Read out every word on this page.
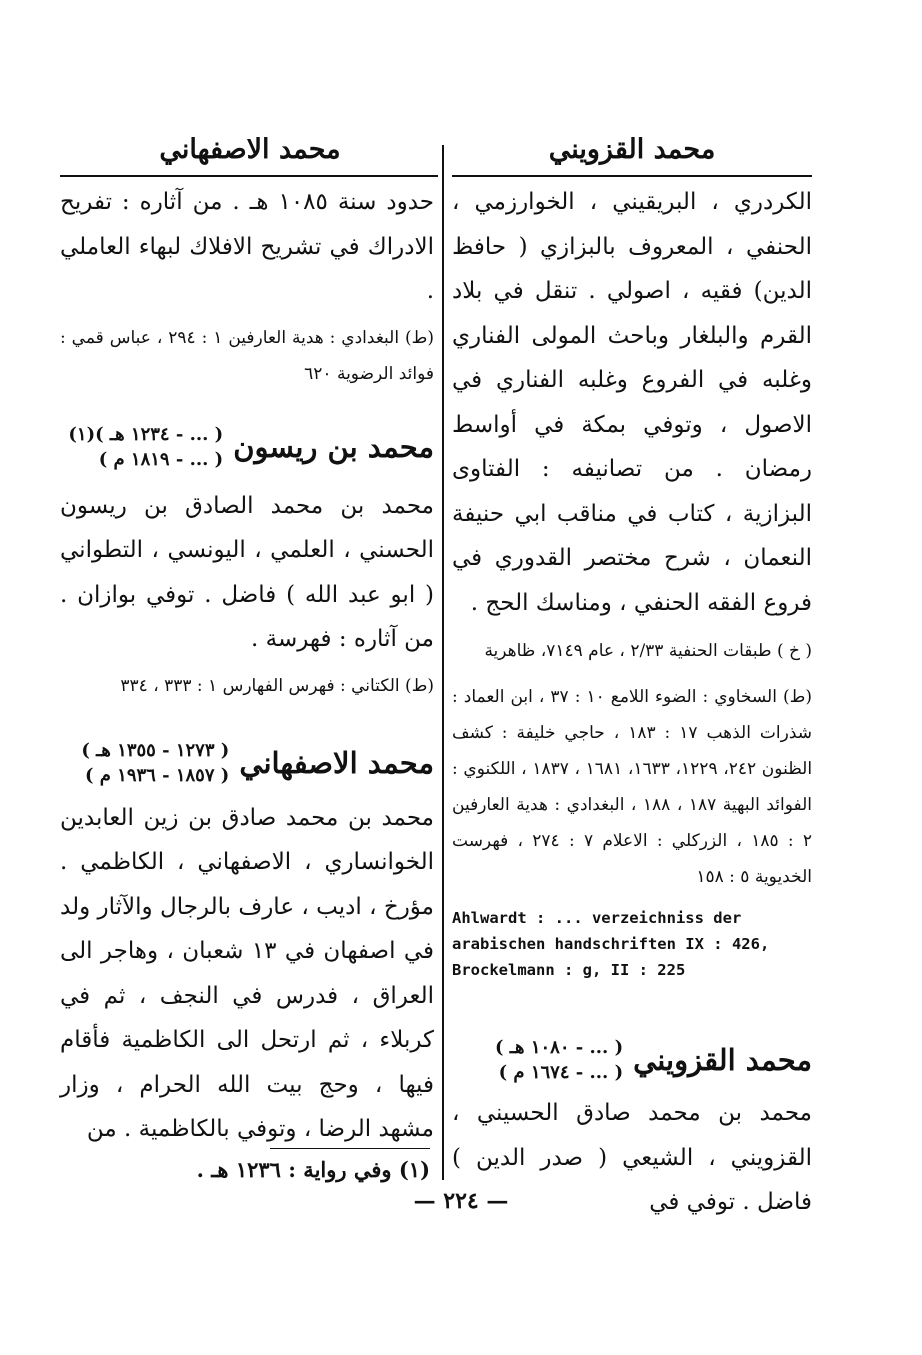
محمد الاصفهاني	محمد القزويني

الكردري ، البريقيني ، الخوارزمي ، الحنفي ، المعروف بالبزازي ( حافظ الدين) فقيه ، اصولي . تنقل في بلاد القرم والبلغار وباحث المولى الفناري وغلبه في الفروع وغلبه الفناري في الاصول ، وتوفي بمكة في أواسط رمضان . من تصانيفه : الفتاوى البزازية ، كتاب في مناقب ابي حنيفة النعمان ، شرح مختصر القدوري في فروع الفقه الحنفي ، ومناسك الحج .

( خ ) طبقات الحنفية ٢/٣٣ ، عام ٧١٤٩، ظاهرية

(ط) السخاوي : الضوء اللامع ١٠ : ٣٧ ، ابن العماد : شذرات الذهب ١٧ : ١٨٣ ، حاجي خليفة : كشف الظنون ٢٤٢، ١٢٢٩، ١٦٣٣، ١٦٨١ ، ١٨٣٧ ، اللكنوي : الفوائد البهية ١٨٧ ، ١٨٨ ، البغدادي : هدية العارفين ٢ : ١٨٥ ، الزركلي : الاعلام ٧ : ٢٧٤ ، فهرست الخديوية ٥ : ١٥٨

Ahlwardt : ... verzeichniss der arabischen handschriften IX : 426, Brockelmann : g, II : 225

محمد القزويني
( ... - ١٠٨٠ هـ )
( ... - ١٦٧٤ م )

محمد بن محمد صادق الحسيني ، القزويني ، الشيعي ( صدر الدين ) فاضل . توفي في

حدود سنة ١٠٨٥ هـ . من آثاره : تفريح الادراك في تشريح الافلاك لبهاء العاملي .

(ط) البغدادي : هدية العارفين ١ : ٢٩٤ ، عباس قمي : فوائد الرضوية ٦٢٠

محمد بن ريسون
( ... - ١٢٣٤ هـ )(١)
( ... - ١٨١٩ م )

محمد بن محمد الصادق بن ريسون الحسني ، العلمي ، اليونسي ، التطواني ( ابو عبد الله ) فاضل . توفي بوازان . من آثاره : فهرسة .

(ط) الكتاني : فهرس الفهارس ١ : ٣٣٣ ، ٣٣٤

محمد الاصفهاني
( ١٢٧٣ - ١٣٥٥ هـ )
( ١٨٥٧ - ١٩٣٦ م )

محمد بن محمد صادق بن زين العابدين الخوانساري ، الاصفهاني ، الكاظمي . مؤرخ ، اديب ، عارف بالرجال والآثار ولد في اصفهان في ١٣ شعبان ، وهاجر الى العراق ، فدرس في النجف ، ثم في كربلاء ، ثم ارتحل الى الكاظمية فأقام فيها ، وحج بيت الله الحرام ، وزار مشهد الرضا ، وتوفي بالكاظمية . من

(١) وفي رواية : ١٢٣٦ هـ .

— ٢٢٤ —
